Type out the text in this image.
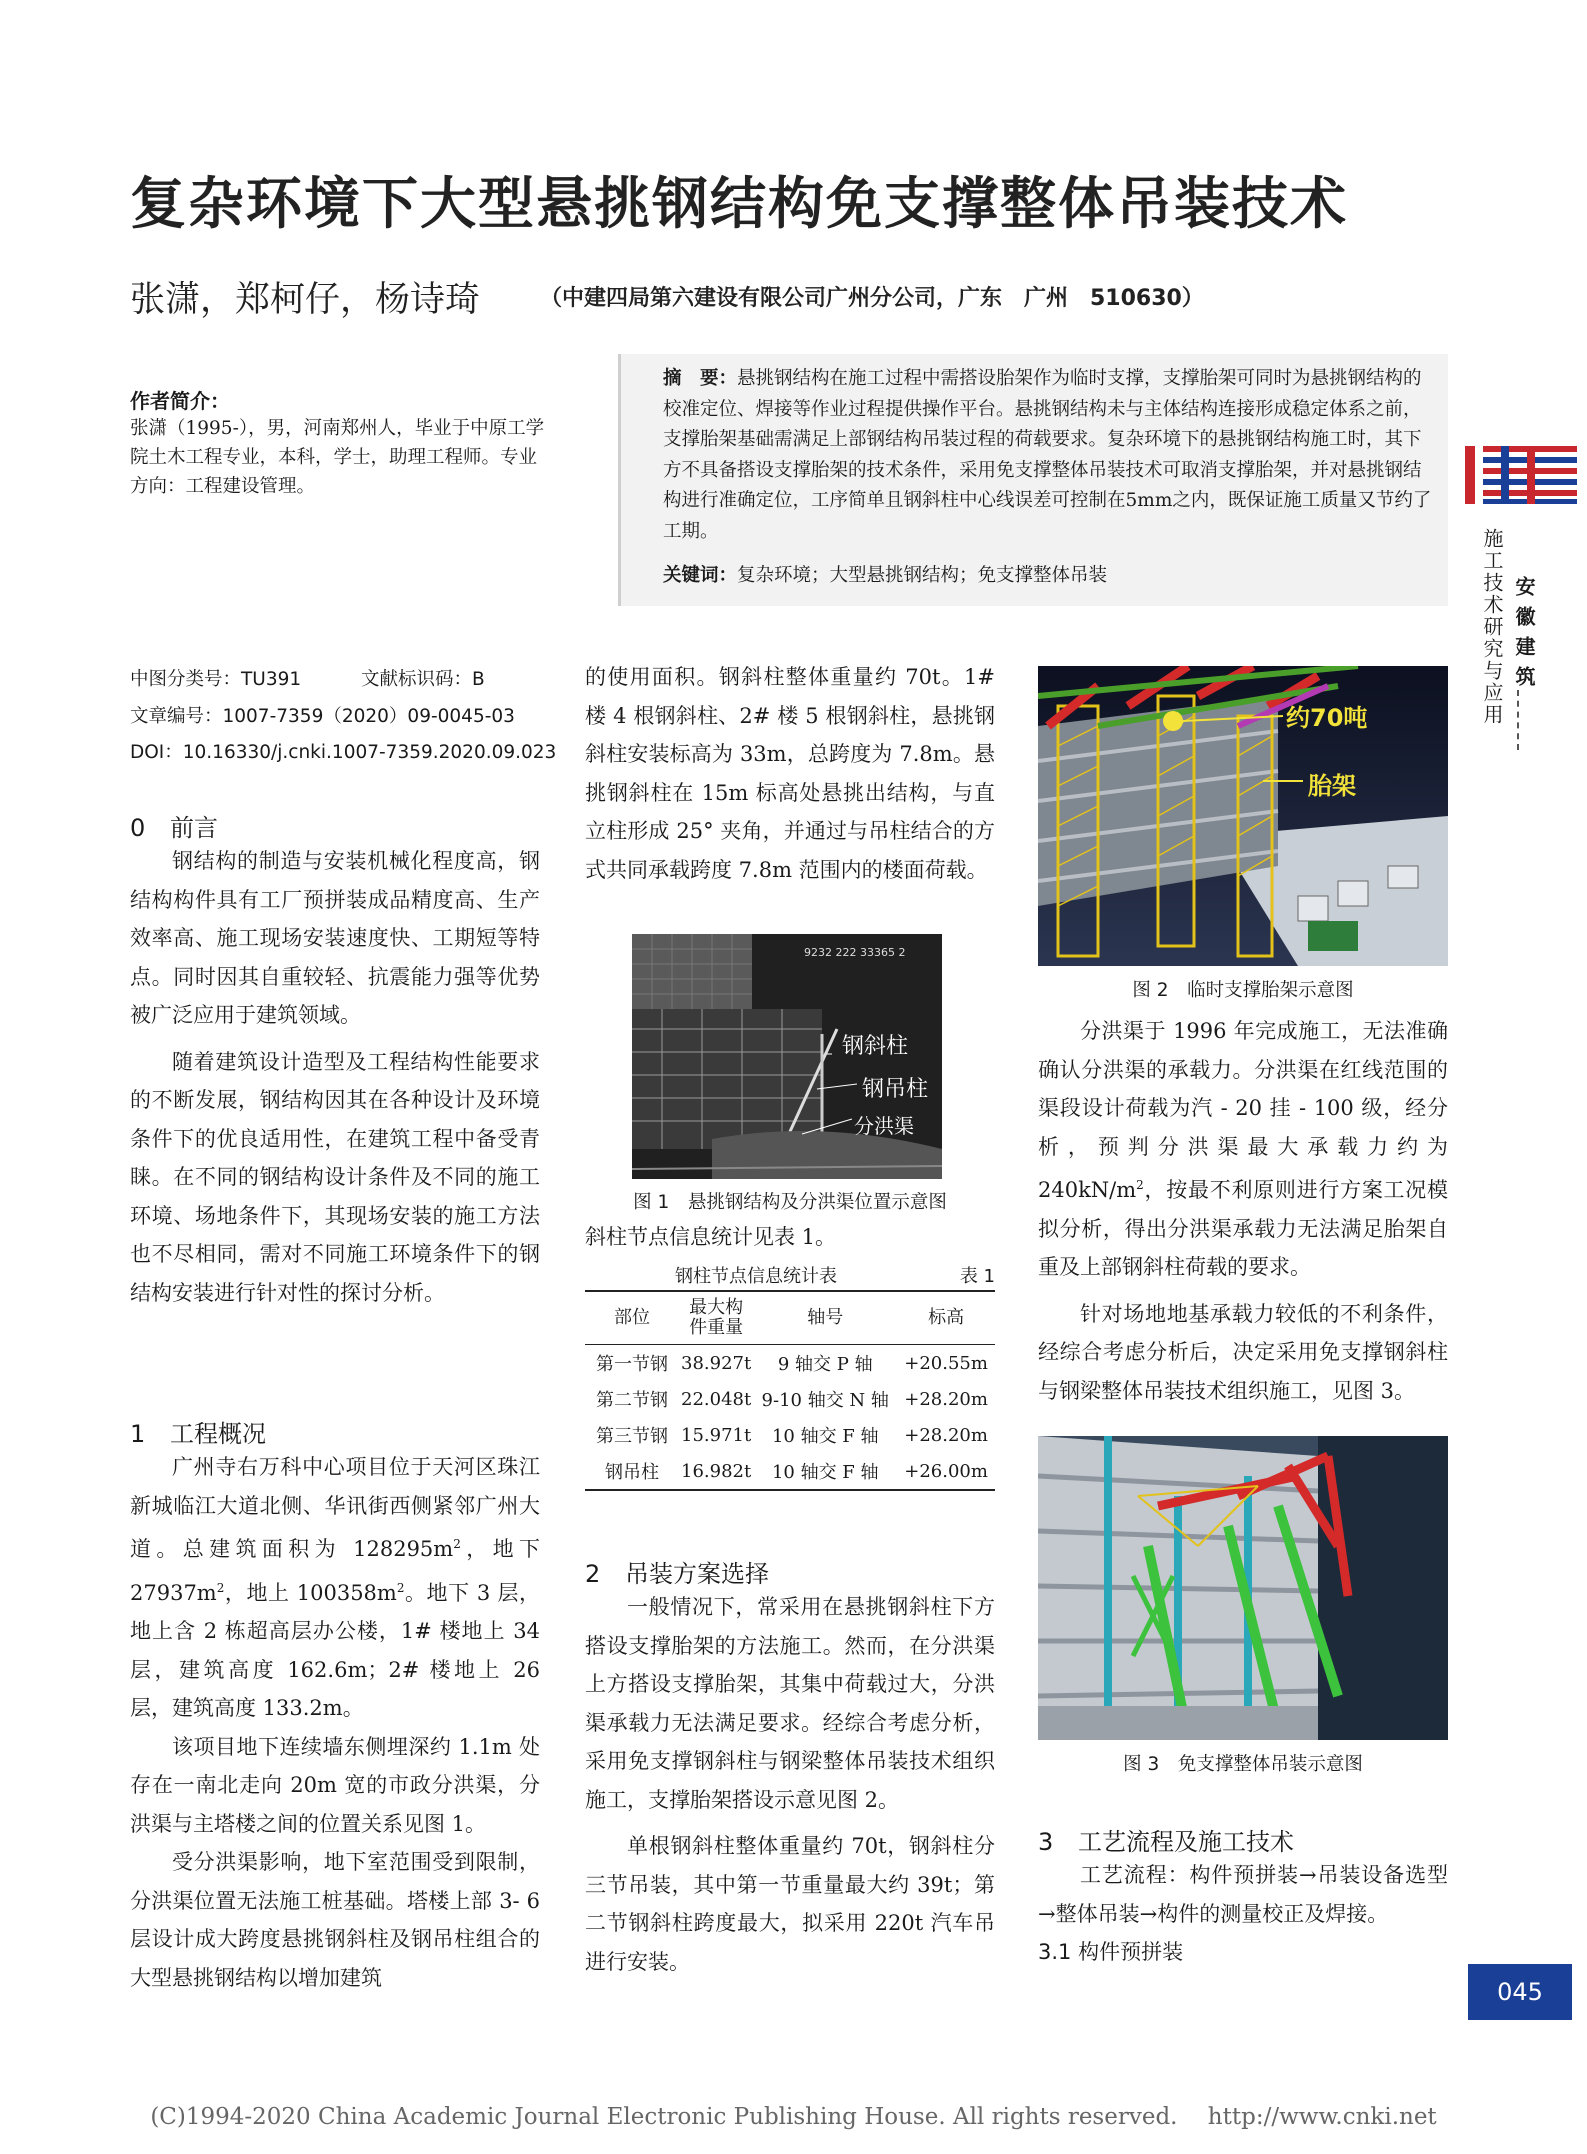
复杂环境下大型悬挑钢结构免支撑整体吊装技术
张潇，郑柯仔，杨诗琦	（中建四局第六建设有限公司广州分公司，广东　广州　510630）
作者简介：
张潇（1995-），男，河南郑州人，毕业于中原工学院土木工程专业，本科，学士，助理工程师。专业方向：工程建设管理。
摘　要：悬挑钢结构在施工过程中需搭设胎架作为临时支撑，支撑胎架可同时为悬挑钢结构的校准定位、焊接等作业过程提供操作平台。悬挑钢结构未与主体结构连接形成稳定体系之前，支撑胎架基础需满足上部钢结构吊装过程的荷载要求。复杂环境下的悬挑钢结构施工时，其下方不具备搭设支撑胎架的技术条件，采用免支撑整体吊装技术可取消支撑胎架，并对悬挑钢结构进行准确定位，工序简单且钢斜柱中心线误差可控制在5mm之内，既保证施工质量又节约了工期。
关键词：复杂环境；大型悬挑钢结构；免支撑整体吊装	施工技术研究与应用 安徽建筑
中图分类号：TU391	文献标识码：B
文章编号：1007-7359（2020）09-0045-03
DOI：10.16330/j.cnki.1007-7359.2020.09.023
0 前言

钢结构的制造与安装机械化程度高，钢结构构件具有工厂预拼装成品精度高、生产效率高、施工现场安装速度快、工期短等特点。同时因其自重较轻、抗震能力强等优势被广泛应用于建筑领域。

随着建筑设计造型及工程结构性能要求的不断发展，钢结构因其在各种设计及环境条件下的优良适用性，在建筑工程中备受青睐。在不同的钢结构设计条件及不同的施工环境、场地条件下，其现场安装的施工方法也不尽相同，需对不同施工环境条件下的钢结构安装进行针对性的探讨分析。

1 工程概况

广州寺右万科中心项目位于天河区珠江新城临江大道北侧、华讯街西侧紧邻广州大道。总建筑面积为 $128295m^2$，地下 $27937m^2$，地上 $100358m^2$。地下 3 层，地上含 2 栋超高层办公楼，1# 楼地上 34 层，建筑高度 162.6m；2# 楼地上 26 层，建筑高度 133.2m。

该项目地下连续墙东侧埋深约 1.1m 处存在一南北走向 20m 宽的市政分洪渠，分洪渠与主塔楼之间的位置关系见图 1。

受分洪渠影响，地下室范围受到限制，分洪渠位置无法施工桩基础。塔楼上部 3- 6 层设计成大跨度悬挑钢斜柱及钢吊柱组合的大型悬挑钢结构以增加建筑

的使用面积。钢斜柱整体重量约 70t。1# 楼 4 根钢斜柱、2# 楼 5 根钢斜柱，悬挑钢斜柱安装标高为 33m，总跨度为 7.8m。悬挑钢斜柱在 15m 标高处悬挑出结构，与直立柱形成 25° 夹角，并通过与吊柱结合的方式共同承载跨度 7.8m 范围内的楼面荷载。

9232 222 33365 2
钢斜柱
钢吊柱
分洪渠
图 1　悬挑钢结构及分洪渠位置示意图

斜柱节点信息统计见表 1。

钢柱节点信息统计表	表 1
部位	最大构件重量	轴号	标高
第一节钢	38.927t	9 轴交 P 轴	+20.55m
第二节钢	22.048t	9-10 轴交 N 轴	+28.20m
第三节钢	15.971t	10 轴交 F 轴	+28.20m
钢吊柱	16.982t	10 轴交 F 轴	+26.00m
2 吊装方案选择

一般情况下，常采用在悬挑钢斜柱下方搭设支撑胎架的方法施工。然而，在分洪渠上方搭设支撑胎架，其集中荷载过大，分洪渠承载力无法满足要求。经综合考虑分析，采用免支撑钢斜柱与钢梁整体吊装技术组织施工，支撑胎架搭设示意见图 2。

单根钢斜柱整体重量约 70t，钢斜柱分三节吊装，其中第一节重量最大约 39t；第二节钢斜柱跨度最大，拟采用 220t 汽车吊进行安装。

约70吨
胎架
图 2　临时支撑胎架示意图

分洪渠于 1996 年完成施工，无法准确确认分洪渠的承载力。分洪渠在红线范围的渠段设计荷载为汽 - 20 挂 - 100 级，经分析，预判分洪渠最大承载力约为 $240kN/m^2$，按最不利原则进行方案工况模拟分析，得出分洪渠承载力无法满足胎架自重及上部钢斜柱荷载的要求。

针对场地地基承载力较低的不利条件，经综合考虑分析后，决定采用免支撑钢斜柱与钢梁整体吊装技术组织施工，见图 3。

图 3　免支撑整体吊装示意图
3 工艺流程及施工技术

工艺流程：构件预拼装→吊装设备选型→整体吊装→构件的测量校正及焊接。

3.1 构件预拼装

045
(C)1994-2020 China Academic Journal Electronic Publishing House. All rights reserved.　 http://www.cnki.net
